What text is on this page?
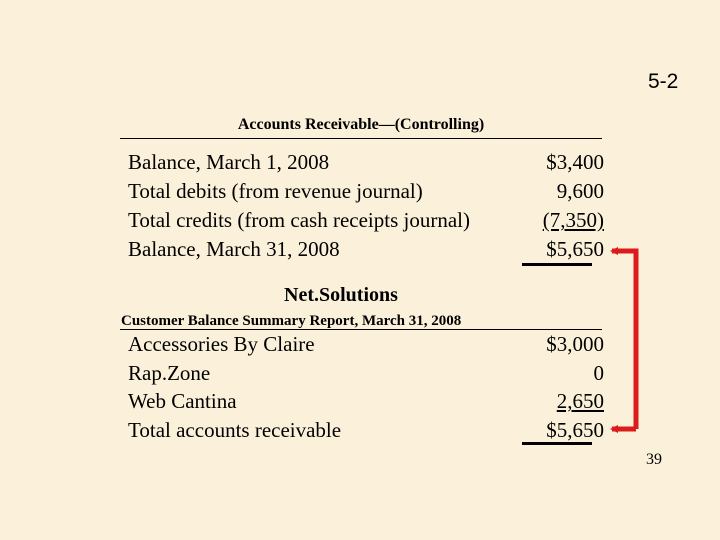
5-2
Accounts Receivable—(Controlling)
Balance, March 1, 2008	$3,400
Total debits (from revenue journal)	9,600
Total credits (from cash receipts journal)	(7,350)
Balance, March 31, 2008	$5,650
Net.Solutions
Customer Balance Summary Report, March 31, 2008
Accessories By Claire	$3,000
Rap.Zone	0
Web Cantina	2,650
Total accounts receivable	$5,650
39
